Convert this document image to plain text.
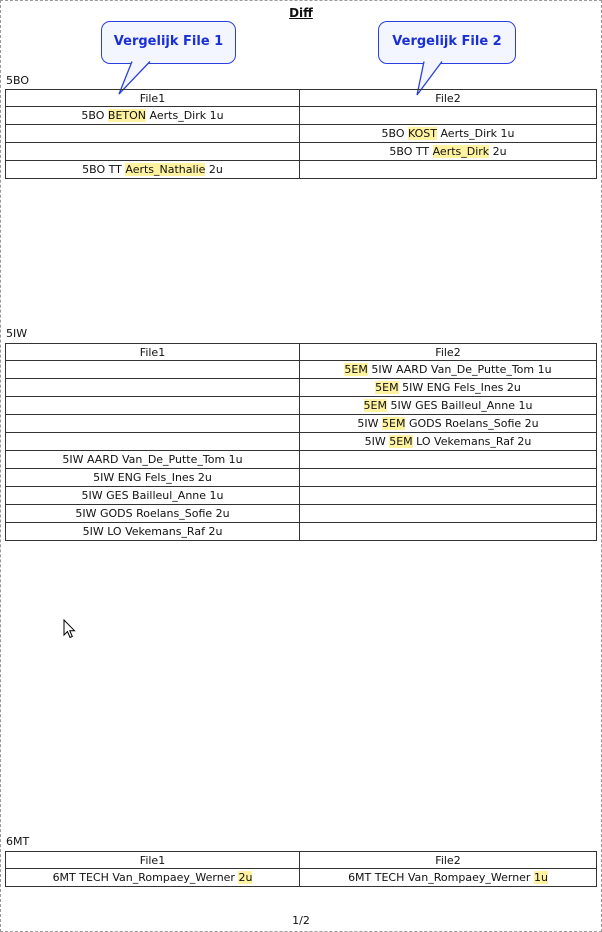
Diff
Vergelijk File 1	Vergelijk File 2
5BO
File1	File2
5BO BETON Aerts_Dirk 1u	
	5BO KOST Aerts_Dirk 1u
	5BO TT Aerts_Dirk 2u
5BO TT Aerts_Nathalie 2u	
5IW
File1	File2
	5EM 5IW AARD Van_De_Putte_Tom 1u
	5EM 5IW ENG Fels_Ines 2u
	5EM 5IW GES Bailleul_Anne 1u
	5IW 5EM GODS Roelans_Sofie 2u
	5IW 5EM LO Vekemans_Raf 2u
5IW AARD Van_De_Putte_Tom 1u	
5IW ENG Fels_Ines 2u	
5IW GES Bailleul_Anne 1u	
5IW GODS Roelans_Sofie 2u	
5IW LO Vekemans_Raf 2u	
6MT
File1	File2
6MT TECH Van_Rompaey_Werner 2u	6MT TECH Van_Rompaey_Werner 1u
1/2
